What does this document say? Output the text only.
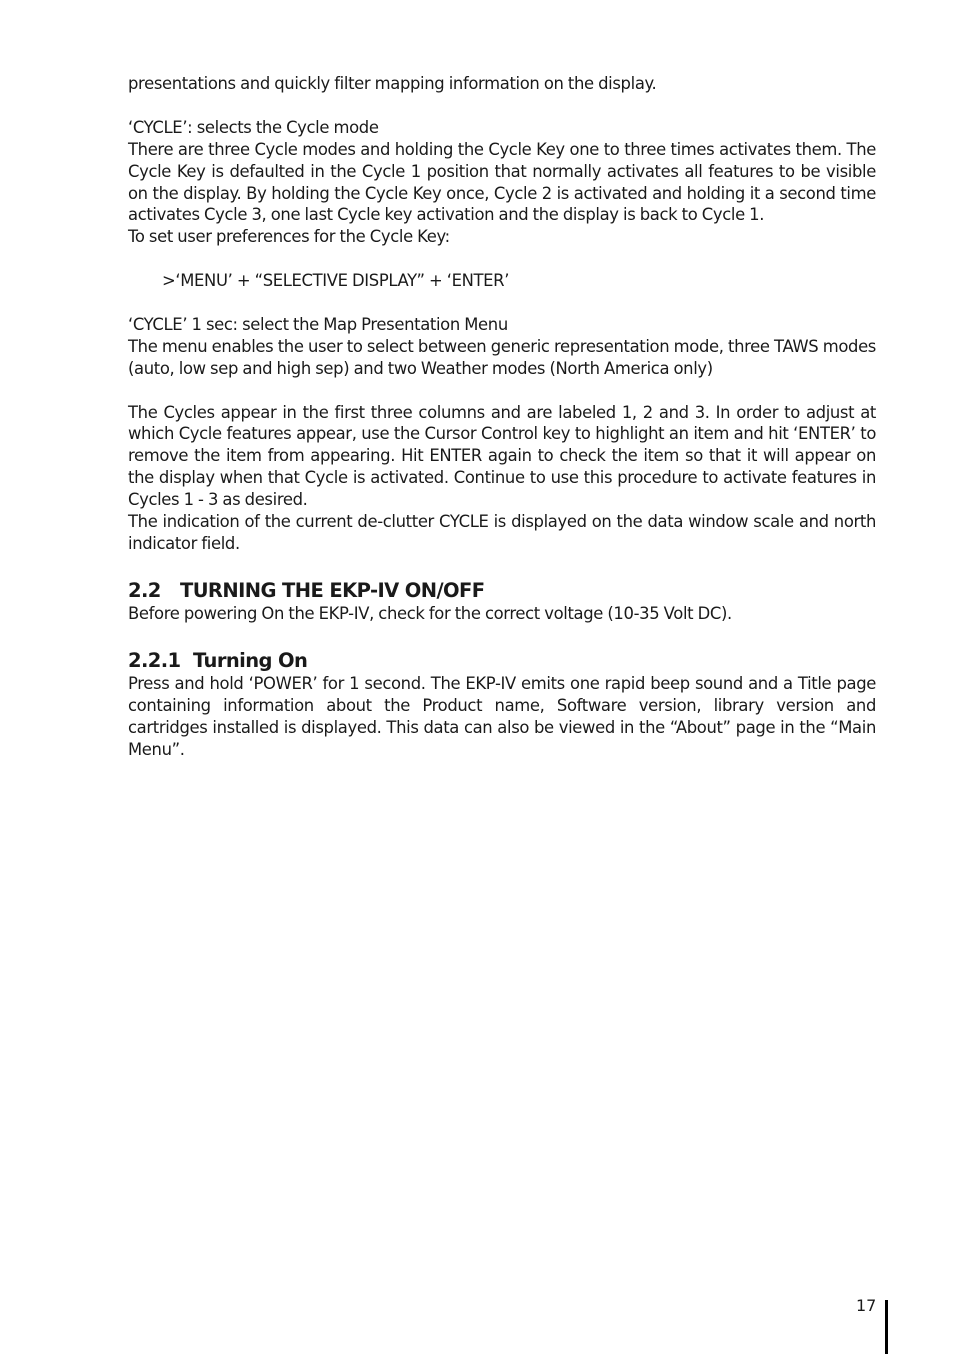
presentations and quickly filter mapping information on the display.

‘CYCLE’: selects the Cycle mode

There are three Cycle modes and holding the Cycle Key one to three times activates them. The Cycle Key is defaulted in the Cycle 1 position that normally activates all features to be visible on the display. By holding the Cycle Key once, Cycle 2 is activated and holding it a second time activates Cycle 3, one last Cycle key activation and the display is back to Cycle 1.

To set user preferences for the Cycle Key:

>‘MENU’ + “SELECTIVE DISPLAY” + ‘ENTER’

‘CYCLE’ 1 sec: select the Map Presentation Menu

The menu enables the user to select between generic representation mode, three TAWS modes (auto, low sep and high sep) and two Weather modes (North America only)

The Cycles appear in the first three columns and are labeled 1, 2 and 3. In order to adjust at which Cycle features appear, use the Cursor Control key to highlight an item and hit ‘ENTER’ to remove the item from appearing. Hit ENTER again to check the item so that it will appear on the display when that Cycle is activated. Continue to use this procedure to activate features in Cycles 1 - 3 as desired.

The indication of the current de-clutter CYCLE is displayed on the data window scale and north indicator field.

2.2 TURNING THE EKP-IV ON/OFF

Before powering On the EKP-IV, check for the correct voltage (10-35 Volt DC).

2.2.1 Turning On

Press and hold ‘POWER’ for 1 second. The EKP-IV emits one rapid beep sound and a Title page containing information about the Product name, Software version, library version and cartridges installed is displayed. This data can also be viewed in the “About” page in the “Main Menu”.

17
